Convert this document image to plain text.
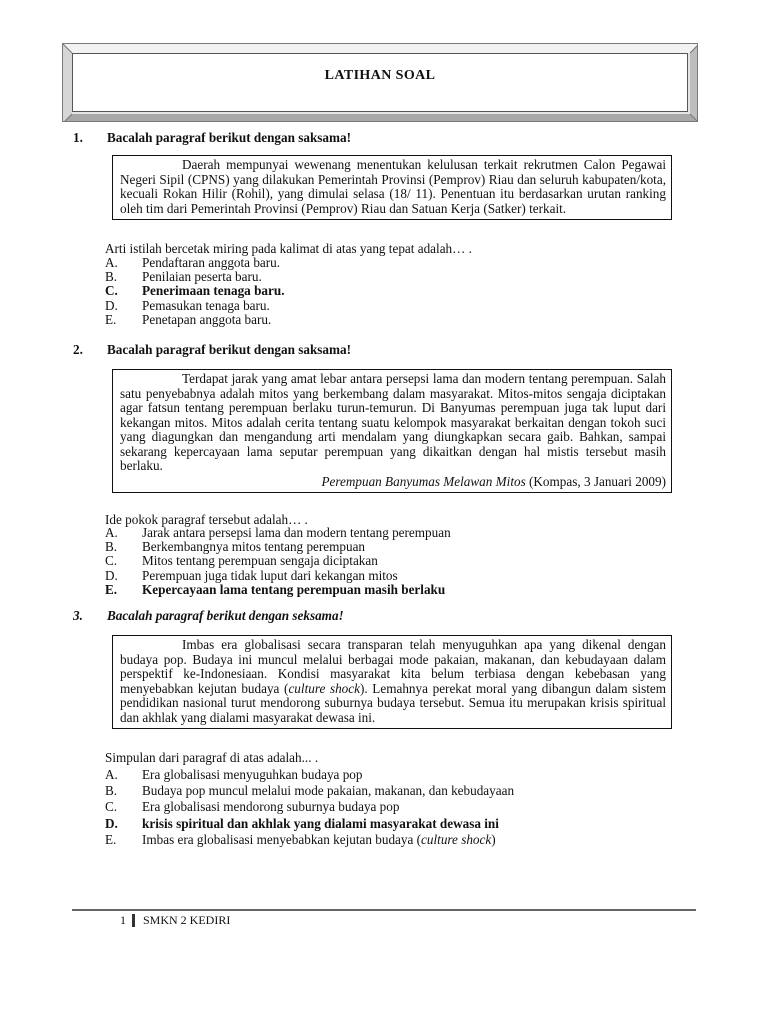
LATIHAN SOAL
1. Bacalah paragraf berikut dengan saksama!

Daerah mempunyai wewenang menentukan kelulusan terkait rekrutmen Calon Pegawai Negeri Sipil (CPNS) yang dilakukan Pemerintah Provinsi (Pemprov) Riau dan seluruh kabupaten/kota, kecuali Rokan Hilir (Rohil), yang dimulai selasa (18/ 11). Penentuan itu berdasarkan urutan ranking oleh tim dari Pemerintah Provinsi (Pemprov) Riau dan Satuan Kerja (Satker) terkait.

Arti istilah bercetak miring pada kalimat di atas yang tepat adalah… .
A. Pendaftaran anggota baru.
B. Penilaian peserta baru.
C. Penerimaan tenaga baru.
D. Pemasukan tenaga baru.
E. Penetapan anggota baru.
2. Bacalah paragraf berikut dengan saksama!

Terdapat jarak yang amat lebar antara persepsi lama dan modern tentang perempuan. Salah satu penyebabnya adalah mitos yang berkembang dalam masyarakat. Mitos-mitos sengaja diciptakan agar fatsun tentang perempuan berlaku turun-temurun. Di Banyumas perempuan juga tak luput dari kekangan mitos. Mitos adalah cerita tentang suatu kelompok masyarakat berkaitan dengan tokoh suci yang diagungkan dan mengandung arti mendalam yang diungkapkan secara gaib. Bahkan, sampai sekarang kepercayaan lama seputar perempuan yang dikaitkan dengan hal mistis tersebut masih berlaku.

Perempuan Banyumas Melawan Mitos (Kompas, 3 Januari 2009)
Ide pokok paragraf tersebut adalah… .
A. Jarak antara persepsi lama dan modern tentang perempuan
B. Berkembangnya mitos tentang perempuan
C. Mitos tentang perempuan sengaja diciptakan
D. Perempuan juga tidak luput dari kekangan mitos
E. Kepercayaan lama tentang perempuan masih berlaku
3. Bacalah paragraf berikut dengan seksama!

Imbas era globalisasi secara transparan telah menyuguhkan apa yang dikenal dengan budaya pop. Budaya ini muncul melalui berbagai mode pakaian, makanan, dan kebudayaan dalam perspektif ke-Indonesiaan. Kondisi masyarakat kita belum terbiasa dengan kebebasan yang menyebabkan kejutan budaya (culture shock). Lemahnya perekat moral yang dibangun dalam sistem pendidikan nasional turut mendorong suburnya budaya tersebut. Semua itu merupakan krisis spiritual dan akhlak yang dialami masyarakat dewasa ini.

Simpulan dari paragraf di atas adalah... .
A. Era globalisasi menyuguhkan budaya pop
B. Budaya pop muncul melalui mode pakaian, makanan, dan kebudayaan
C. Era globalisasi mendorong suburnya budaya pop
D. krisis spiritual dan akhlak yang dialami masyarakat dewasa ini
E. Imbas era globalisasi menyebabkan kejutan budaya (culture shock)
1 SMKN 2 KEDIRI
